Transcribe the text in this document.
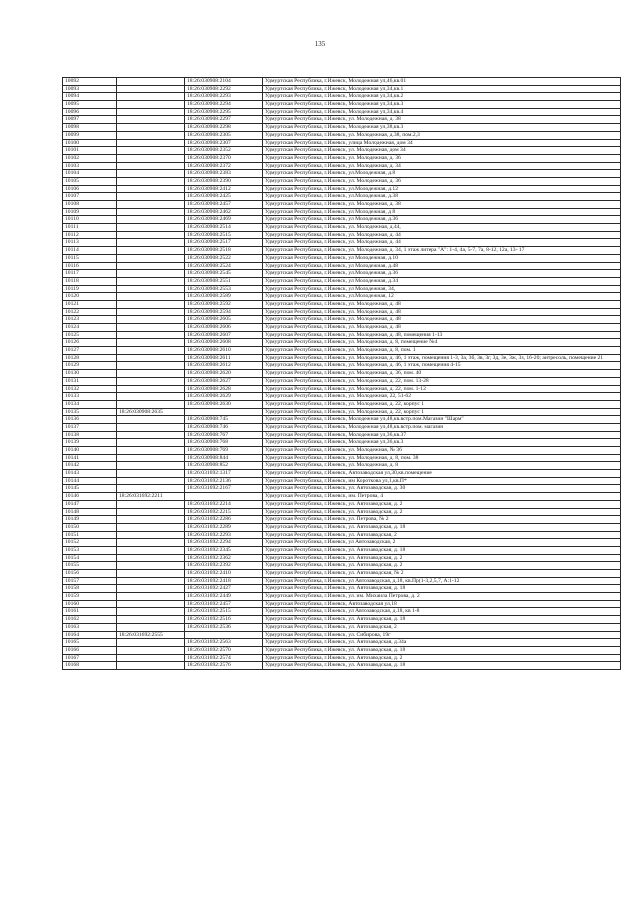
135
10092		18:26:030908:2104	Удмуртская Республика, г.Ижевск, Молодежная ул,46,кв.01
10093		18:26:030908:2292	Удмуртская Республика, г.Ижевск, Молодежная ул,34,кв.1
10094		18:26:030908:2293	Удмуртская Республика, г.Ижевск, Молодежная ул,34,кв.2
10095		18:26:030908:2294	Удмуртская Республика, г.Ижевск, Молодежная ул,34,кв.3
10096		18:26:030908:2295	Удмуртская Республика, г.Ижевск, Молодежная ул,34,кв.4
10097		18:26:030908:2297	Удмуртская Республика, г.Ижевск, ул. Молодежная, д. 38
10098		18:26:030908:2298	Удмуртская Республика, г.Ижевск, Молодежная ул,38,кв.3
10099		18:26:030908:2305	Удмуртская Республика, г.Ижевск, ул. Молодежная, д.38, пом.2,3
10100		18:26:030908:2307	Удмуртская Республика, г.Ижевск, улица Молодежная, дом 34
10101		18:26:030908:2352	Удмуртская Республика, г.Ижевск, ул. Молодежная, дом 34
10102		18:26:030908:2370	Удмуртская Республика, г.Ижевск, ул. Молодежная, д. 36
10103		18:26:030908:2372	Удмуртская Республика, г.Ижевск, ул. Молодежная, д. 34
10104		18:26:030908:2383	Удмуртская Республика, г.Ижевск, ул.Молодежная, д.8
10105		18:26:030908:2390	Удмуртская Республика, г.Ижевск, ул. Молодежная, д. 36
10106		18:26:030908:2412	Удмуртская Республика, г.Ижевск, ул.Молодежная, д.12
10107		18:26:030908:2425	Удмуртская Республика, г.Ижевск, ул.Молодежная, д.38
10108		18:26:030908:2457	Удмуртская Республика, г.Ижевск, ул. Молодежная, д. 38
10109		18:26:030908:2462	Удмуртская Республика, г.Ижевск, ул Молодежная, д 8
10110		18:26:030908:2469	Удмуртская Республика, г.Ижевск, ул Молодежная, д.36
10111		18:26:030908:2514	Удмуртская Республика, г.Ижевск, ул. Молодежная, д.44,
10112		18:26:030908:2515	Удмуртская Республика, г.Ижевск, ул. Молодежная, д. 44
10113		18:26:030908:2517	Удмуртская Республика, г.Ижевск, ул. Молодежная, д. 44
10114		18:26:030908:2518	Удмуртская Республика, г.Ижевск, ул. Молодежная, д. 34, 1 этаж литера "А": 1-4, 4а, 5-7, 7а, 8-12, 12а, 13- 17
10115		18:26:030908:2522	Удмуртская Республика, г.Ижевск, ул Молодежная, д.10
10116		18:26:030908:2524	Удмуртская Республика, г.Ижевск, ул Молодежная, д.48
10117		18:26:030908:2545	Удмуртская Республика, г.Ижевск, ул.Молодежная, д.36
10118		18:26:030908:2551	Удмуртская Республика, г.Ижевск, ул Молодежная, д.34
10119		18:26:030908:2553	Удмуртская Республика, г.Ижевск, ул Молодежная, 34,
10120		18:26:030908:2589	Удмуртская Республика, г.Ижевск, ул.Молодежная, 12
10121		18:26:030908:2592	Удмуртская Республика, г.Ижевск, ул. Молодежная, д. 48
10122		18:26:030908:2594	Удмуртская Республика, г.Ижевск, ул. Молодежная, д. 48
10123		18:26:030908:2605	Удмуртская Республика, г.Ижевск, ул. Молодежная, д. 48
10124		18:26:030908:2606	Удмуртская Республика, г.Ижевск, ул. Молодежная, д. 48
10125		18:26:030908:2607	Удмуртская Республика, г.Ижевск, ул. Молодежная, д. 48, помещения 1-13
10126		18:26:030908:2608	Удмуртская Республика, г.Ижевск, ул. Молодежная, д. 8, помещение №4
10127		18:26:030908:2610	Удмуртская Республика, г.Ижевск, ул. Молодежная, д. 8, пом. 1
10128		18:26:030908:2611	Удмуртская Республика, г.Ижевск, ул. Молодежная, д. 46, 1 этаж, помещения 1-3, 3а, 3б, 3в, 3г, 3д, 3е, 3ж, 3з, 16-20; антресоль, помещение 21
10129		18:26:030908:2612	Удмуртская Республика, г.Ижевск, ул. Молодежная, д. 46, 1 этаж, помещения 4-15
10130		18:26:030908:2620	Удмуртская Республика, г.Ижевск, ул. Молодежная, д. 36, пом. 40
10131		18:26:030908:2627	Удмуртская Республика, г.Ижевск, ул. Молодежная, д. 22, пом. 13-28
10132		18:26:030908:2628	Удмуртская Республика, г.Ижевск, ул. Молодежная, д. 22, пом. 1-12
10133		18:26:030908:2629	Удмуртская Республика, г.Ижевск, ул. Молодежная, 22, 51-62
10134		18:26:030908:2630	Удмуртская Республика, г.Ижевск, ул. Молодежная, д. 22, корпус 1
10135	18:26:030908:2635		Удмуртская Республика, г.Ижевск, ул. Молодежная, д. 22, корпус 1
10136		18:26:030908:745	Удмуртская Республика, г.Ижевск, Молодежная ул,48,кв.встр.пом.Магазин "Шарм"
10137		18:26:030908:746	Удмуртская Республика, г.Ижевск, Молодежная ул,48,кв.встр.пом. магазин
10138		18:26:030908:767	Удмуртская Республика, г.Ижевск, Молодежная ул,36,кв.37
10139		18:26:030908:768	Удмуртская Республика, г.Ижевск, Молодежная ул,36,кв.3
10140		18:26:030908:769	Удмуртская Республика, г.Ижевск, ул. Молодежная, № 36
10141		18:26:030908:844	Удмуртская Республика, г.Ижевск, ул. Молодежная, д. 8, пом. 38
10142		18:26:030908:852	Удмуртская Республика, г.Ижевск, ул. Молодежная, д. 8
10143		18:26:031692:1317	Удмуртская Республика, г.Ижевск, Автозаводская ул,30,кв.помещение
10144		18:26:031692:2136	Удмуртская Республика, г.Ижевск, им Короткова ул,1,кв.П*
10145		18:26:031692:2167	Удмуртская Республика, г.Ижевск, ул. Автозаводская, д. 30
10146	18:26:031692:2211		Удмуртская Республика, г.Ижевск, им. Петрова, 4
10147		18:26:031692:2214	Удмуртская Республика, г.Ижевск, ул. Автозаводская, д. 2
10148		18:26:031692:2215	Удмуртская Республика, г.Ижевск, ул. Автозаводская, д. 2
10149		18:26:031692:2286	Удмуртская Республика, г.Ижевск, ул. Петрова, № 2
10150		18:26:031692:2289	Удмуртская Республика, г.Ижевск, ул. Автозаводская, д. 18
10151		18:26:031692:2293	Удмуртская Республика, г.Ижевск, ул. Автозаводская, 2
10152		18:26:031692:2294	Удмуртская Республика, г.Ижевск, ул Автозаводская, 2
10153		18:26:031692:2345	Удмуртская Республика, г.Ижевск, ул. Автозаводская, д. 18
10154		18:26:031692:2362	Удмуртская Республика, г.Ижевск, ул. Автозаводская, д. 2
10155		18:26:031692:2392	Удмуртская Республика, г.Ижевск, ул. Автозаводская, д. 2
10156		18:26:031692:2410	Удмуртская Республика, г.Ижевск, ул. Автозаводская, № 2
10157		18:26:031692:2418	Удмуртская Республика, г.Ижевск, ул Автозаводская, д.18, кв.Пр(1-3,2,5,7, А:1-12
10158		18:26:031692:2427	Удмуртская Республика, г.Ижевск, ул. Автозаводская, д. 18
10159		18:26:031692:2449	Удмуртская Республика, г.Ижевск, ул. им. Михаила Петрова, д. 2
10160		18:26:031692:2457	Удмуртская Республика, г.Ижевск, Автозаводская ул,18
10161		18:26:031692:2515	Удмуртская Республика, г.Ижевск, ул Автозаводская, д.18, кв 1-8
10162		18:26:031692:2516	Удмуртская Республика, г.Ижевск, ул. Автозаводская, д. 18
10163		18:26:031692:2536	Удмуртская Республика, г.Ижевск, ул. Автозаводская, 2
10164	18:26:031692:2555		Удмуртская Республика, г.Ижевск, ул. Сибирова, 19г
10165		18:26:031692:2563	Удмуртская Республика, г.Ижевск, ул. Автозаводская, д.34а
10166		18:26:031692:2570	Удмуртская Республика, г.Ижевск, ул. Автозаводская, д. 18
10167		18:26:031692:2574	Удмуртская Республика, г.Ижевск, ул. Автозаводская, д. 2
10168		18:26:031692:2576	Удмуртская Республика, г.Ижевск, ул. Автозаводская, д. 18
